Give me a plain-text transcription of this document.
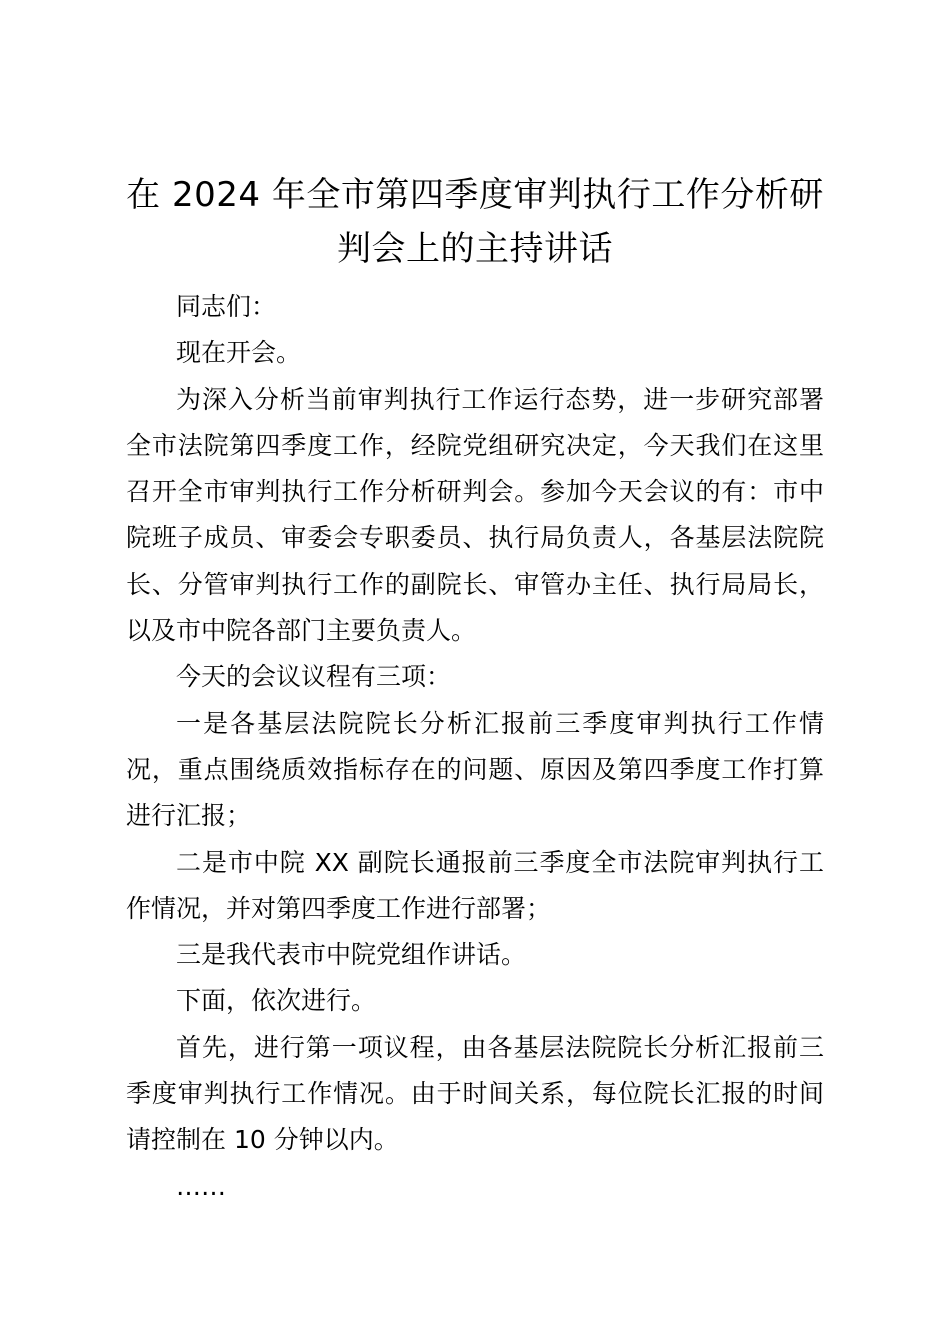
在 2024 年全市第四季度审判执行工作分析研
判会上的主持讲话

同志们：

现在开会。

为深入分析当前审判执行工作运行态势，进一步研究部署全市法院第四季度工作，经院党组研究决定，今天我们在这里召开全市审判执行工作分析研判会。参加今天会议的有：市中院班子成员、审委会专职委员、执行局负责人，各基层法院院长、分管审判执行工作的副院长、审管办主任、执行局局长，以及市中院各部门主要负责人。

今天的会议议程有三项：

一是各基层法院院长分析汇报前三季度审判执行工作情况，重点围绕质效指标存在的问题、原因及第四季度工作打算进行汇报；

二是市中院 XX 副院长通报前三季度全市法院审判执行工作情况，并对第四季度工作进行部署；

三是我代表市中院党组作讲话。

下面，依次进行。

首先，进行第一项议程，由各基层法院院长分析汇报前三季度审判执行工作情况。由于时间关系，每位院长汇报的时间请控制在 10 分钟以内。

……
